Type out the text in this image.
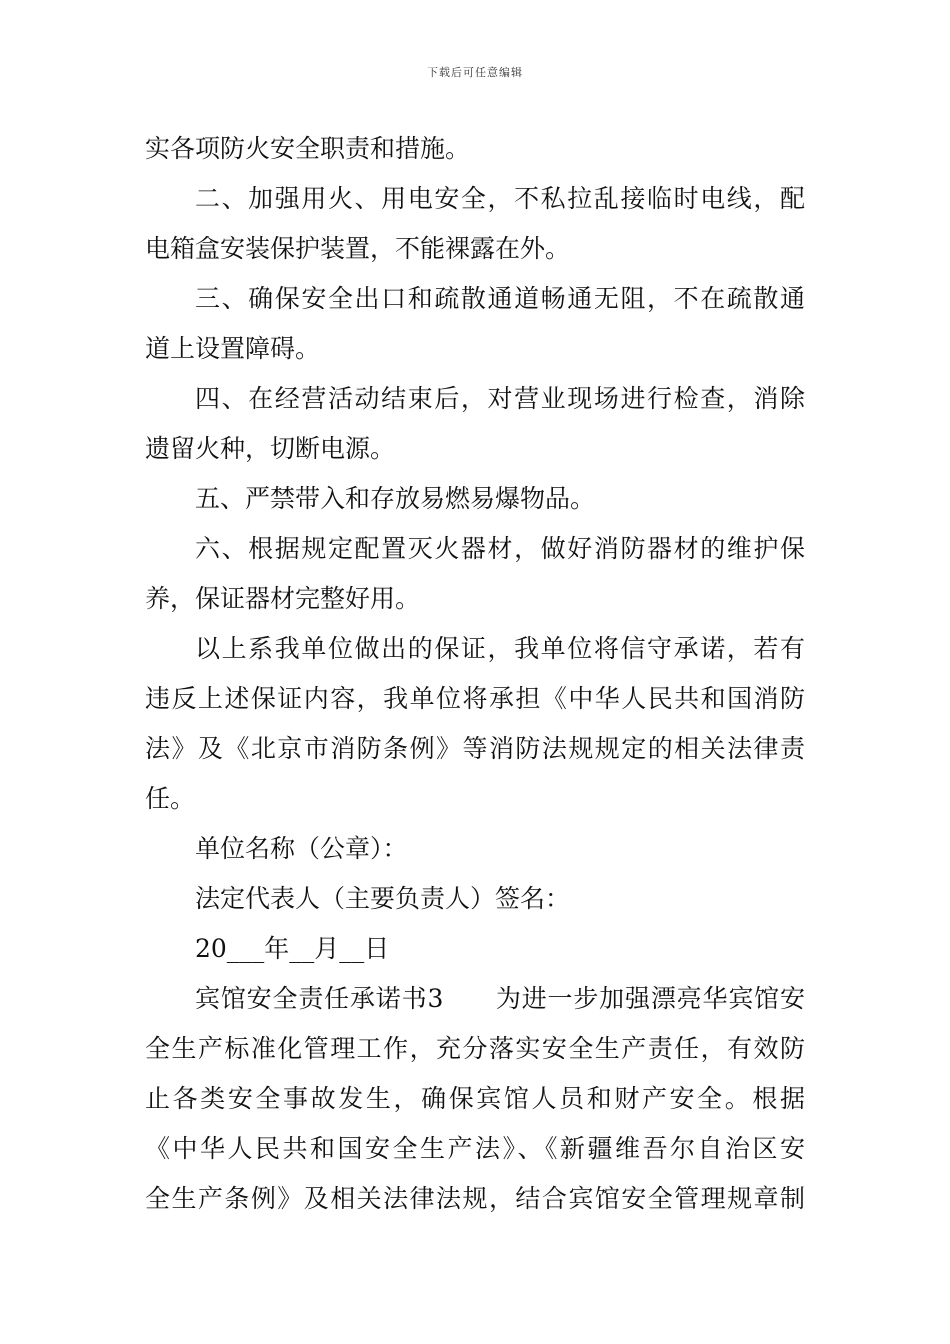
下载后可任意编辑
实各项防火安全职责和措施。
二、加强用火、用电安全，不私拉乱接临时电线，配
电箱盒安装保护装置，不能裸露在外。
三、确保安全出口和疏散通道畅通无阻，不在疏散通
道上设置障碍。
四、在经营活动结束后，对营业现场进行检查，消除
遗留火种，切断电源。
五、严禁带入和存放易燃易爆物品。
六、根据规定配置灭火器材，做好消防器材的维护保
养，保证器材完整好用。
以上系我单位做出的保证，我单位将信守承诺，若有
违反上述保证内容，我单位将承担《中华人民共和国消防
法》及《北京市消防条例》等消防法规规定的相关法律责
任。
单位名称（公章）：
法定代表人（主要负责人）签名：
20___年__月__日
宾馆安全责任承诺书3　　为进一步加强漂亮华宾馆安
全生产标准化管理工作，充分落实安全生产责任，有效防
止各类安全事故发生，确保宾馆人员和财产安全。根据
《中华人民共和国安全生产法》、《新疆维吾尔自治区安
全生产条例》及相关法律法规，结合宾馆安全管理规章制
